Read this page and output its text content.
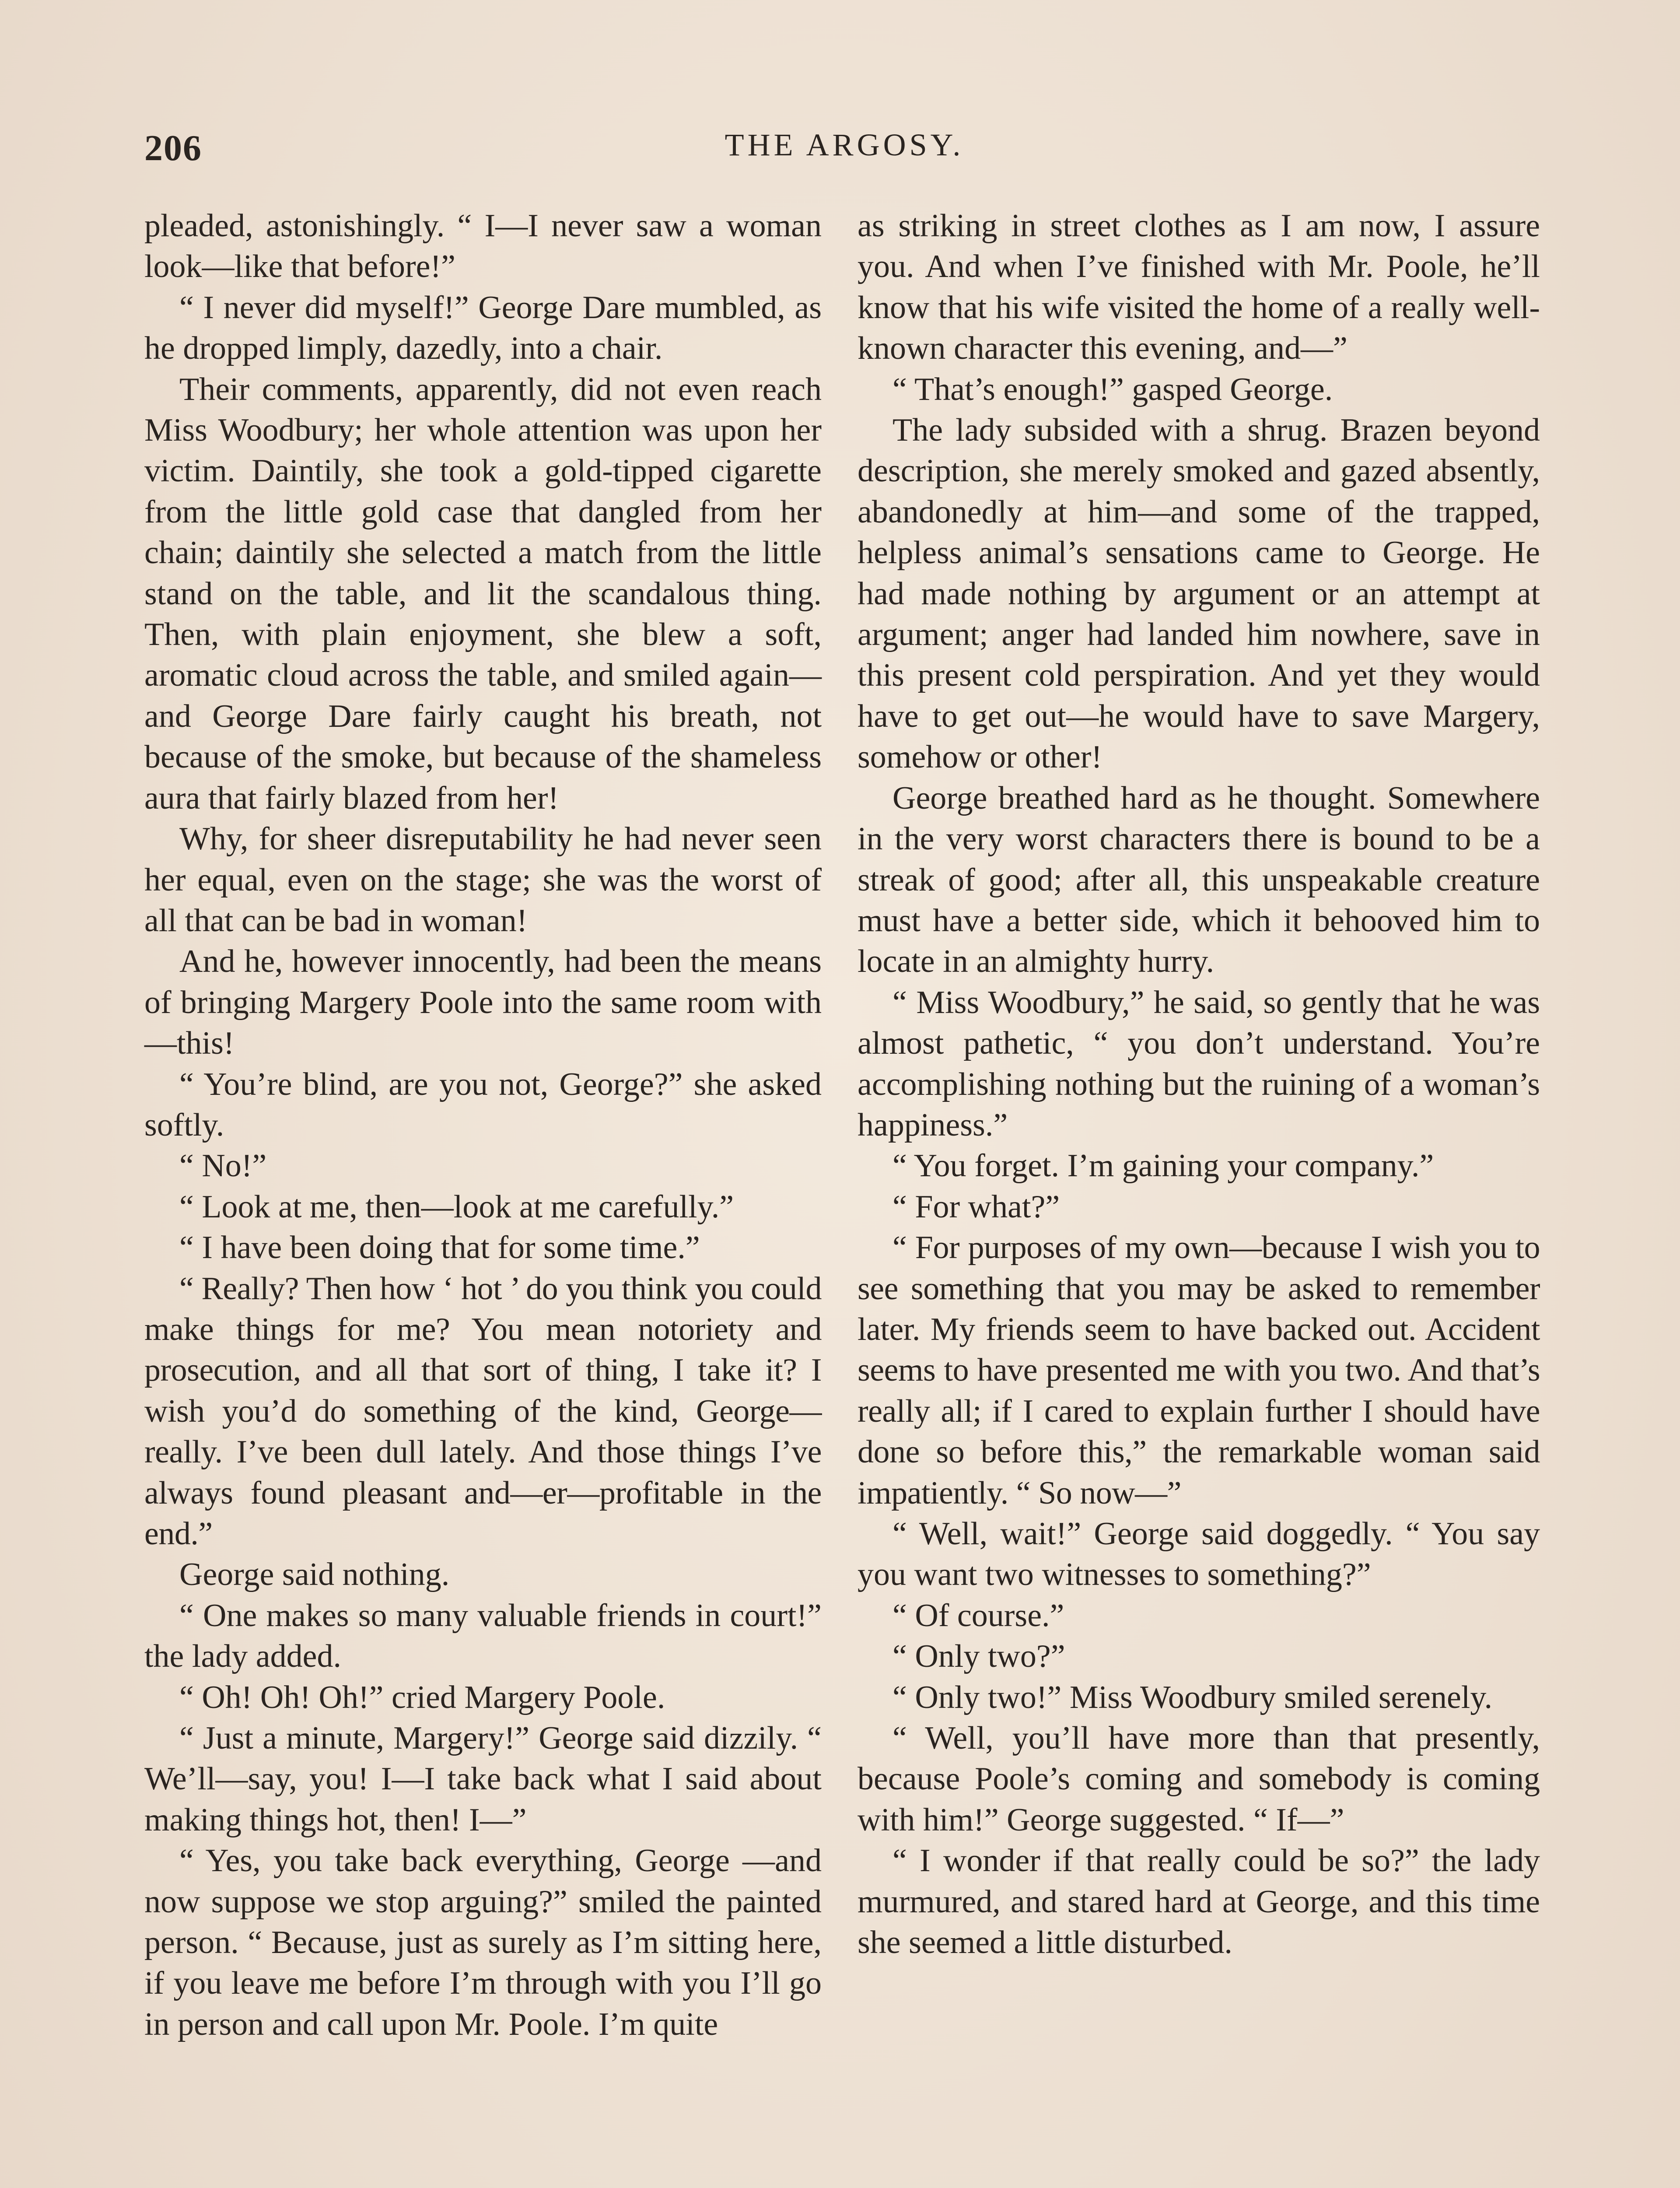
206	THE ARGOSY.

pleaded, astonishingly. “ I—I never saw a woman look—like that before!”

“ I never did myself!” George Dare mumbled, as he dropped limply, dazedly, into a chair.

Their comments, apparently, did not even reach Miss Woodbury; her whole attention was upon her victim. Daintily, she took a gold-tipped cigarette from the little gold case that dangled from her chain; daintily she selected a match from the little stand on the table, and lit the scandalous thing. Then, with plain enjoyment, she blew a soft, aromatic cloud across the table, and smiled again—and George Dare fairly caught his breath, not because of the smoke, but because of the shameless aura that fairly blazed from her!

Why, for sheer disreputability he had never seen her equal, even on the stage; she was the worst of all that can be bad in woman!

And he, however innocently, had been the means of bringing Margery Poole into the same room with—this!

“ You’re blind, are you not, George?” she asked softly.

“ No!”

“ Look at me, then—look at me carefully.”

“ I have been doing that for some time.”

“ Really? Then how ‘ hot ’ do you think you could make things for me? You mean notoriety and prosecution, and all that sort of thing, I take it? I wish you’d do something of the kind, George—really. I’ve been dull lately. And those things I’ve always found pleasant and—er—profitable in the end.”

George said nothing.

“ One makes so many valuable friends in court!” the lady added.

“ Oh! Oh! Oh!” cried Margery Poole.

“ Just a minute, Margery!” George said dizzily. “ We’ll—say, you! I—I take back what I said about making things hot, then! I—”

“ Yes, you take back everything, George —and now suppose we stop arguing?” smiled the painted person. “ Because, just as surely as I’m sitting here, if you leave me before I’m through with you I’ll go in person and call upon Mr. Poole. I’m quite

as striking in street clothes as I am now, I assure you. And when I’ve finished with Mr. Poole, he’ll know that his wife visited the home of a really well-known character this evening, and—”

“ That’s enough!” gasped George.

The lady subsided with a shrug. Brazen beyond description, she merely smoked and gazed absently, abandonedly at him—and some of the trapped, helpless animal’s sensations came to George. He had made nothing by argument or an attempt at argument; anger had landed him nowhere, save in this present cold perspiration. And yet they would have to get out—he would have to save Margery, somehow or other!

George breathed hard as he thought. Somewhere in the very worst characters there is bound to be a streak of good; after all, this unspeakable creature must have a better side, which it behooved him to locate in an almighty hurry.

“ Miss Woodbury,” he said, so gently that he was almost pathetic, “ you don’t understand. You’re accomplishing nothing but the ruining of a woman’s happiness.”

“ You forget. I’m gaining your company.”

“ For what?”

“ For purposes of my own—because I wish you to see something that you may be asked to remember later. My friends seem to have backed out. Accident seems to have presented me with you two. And that’s really all; if I cared to explain further I should have done so before this,” the remarkable woman said impatiently. “ So now—”

“ Well, wait!” George said doggedly. “ You say you want two witnesses to something?”

“ Of course.”

“ Only two?”

“ Only two!” Miss Woodbury smiled serenely.

“ Well, you’ll have more than that presently, because Poole’s coming and somebody is coming with him!” George suggested. “ If—”

“ I wonder if that really could be so?” the lady murmured, and stared hard at George, and this time she seemed a little disturbed.
